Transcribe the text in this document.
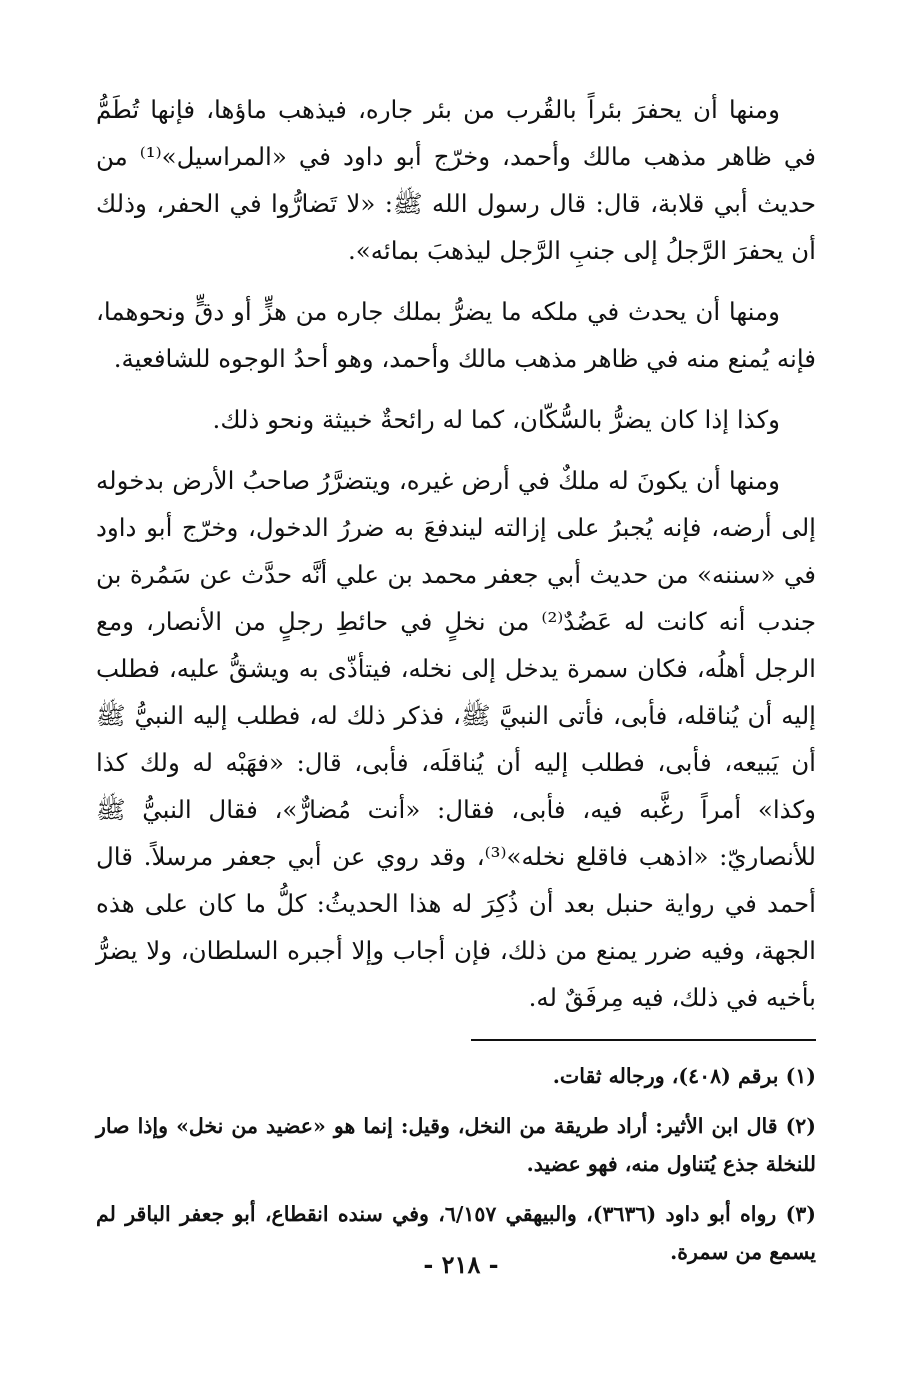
ومنها أن يحفرَ بئراً بالقُرب من بئر جاره، فيذهب ماؤها، فإنها تُطَمُّ في ظاهر مذهب مالك وأحمد، وخرّج أبو داود في «المراسيل»⁽¹⁾ من حديث أبي قلابة، قال: قال رسول الله ﷺ: «لا تَضارُّوا في الحفر، وذلك أن يحفرَ الرَّجلُ إلى جنبِ الرَّجل ليذهبَ بمائه».

ومنها أن يحدث في ملكه ما يضرُّ بملك جاره من هزٍّ أو دقٍّ ونحوهما، فإنه يُمنع منه في ظاهر مذهب مالك وأحمد، وهو أحدُ الوجوه للشافعية.

وكذا إذا كان يضرُّ بالسُّكّان، كما له رائحةٌ خبيثة ونحو ذلك.

ومنها أن يكونَ له ملكٌ في أرض غيره، ويتضرَّرُ صاحبُ الأرض بدخوله إلى أرضه، فإنه يُجبرُ على إزالته ليندفعَ به ضررُ الدخول، وخرّج أبو داود في «سننه» من حديث أبي جعفر محمد بن علي أنَّه حدَّث عن سَمُرة بن جندب أنه كانت له عَضُدٌ⁽²⁾ من نخلٍ في حائطِ رجلٍ من الأنصار، ومع الرجل أهلُه، فكان سمرة يدخل إلى نخله، فيتأذّى به ويشقُّ عليه، فطلب إليه أن يُناقله، فأبى، فأتى النبيَّ ﷺ، فذكر ذلك له، فطلب إليه النبيُّ ﷺ أن يَبيعه، فأبى، فطلب إليه أن يُناقلَه، فأبى، قال: «فهَبْه له ولك كذا وكذا» أمراً رغَّبه فيه، فأبى، فقال: «أنت مُضارٌّ»، فقال النبيُّ ﷺ للأنصاريّ: «اذهب فاقلع نخله»⁽³⁾، وقد روي عن أبي جعفر مرسلاً. قال أحمد في رواية حنبل بعد أن ذُكِرَ له هذا الحديثُ: كلُّ ما كان على هذه الجهة، وفيه ضرر يمنع من ذلك، فإن أجاب وإلا أجبره السلطان، ولا يضرُّ بأخيه في ذلك، فيه مِرفَقٌ له.

(١) برقم (٤٠٨)، ورجاله ثقات.

(٢) قال ابن الأثير: أراد طريقة من النخل، وقيل: إنما هو «عضيد من نخل» وإذا صار للنخلة جذع يُتناول منه، فهو عضيد.

(٣) رواه أبو داود (٣٦٣٦)، والبيهقي ٦/١٥٧، وفي سنده انقطاع، أبو جعفر الباقر لم يسمع من سمرة.

- ٢١٨ -
